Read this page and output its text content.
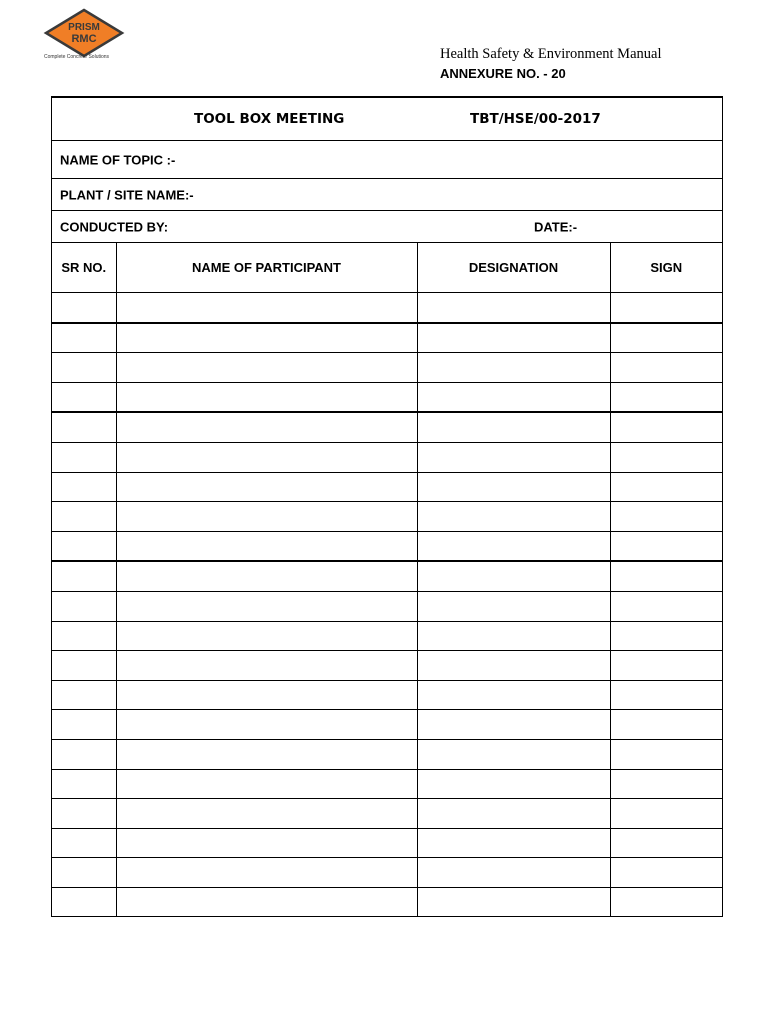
PRISM
RMC
Complete Concrete Solutions	Health Safety & Environment Manual
ANNEXURE NO. - 20
TOOL BOX MEETING	TBT/HSE/00-2017
NAME OF TOPIC :-
PLANT / SITE NAME:-
CONDUCTED BY:	DATE:-
SR NO.	NAME OF PARTICIPANT	DESIGNATION	SIGN
